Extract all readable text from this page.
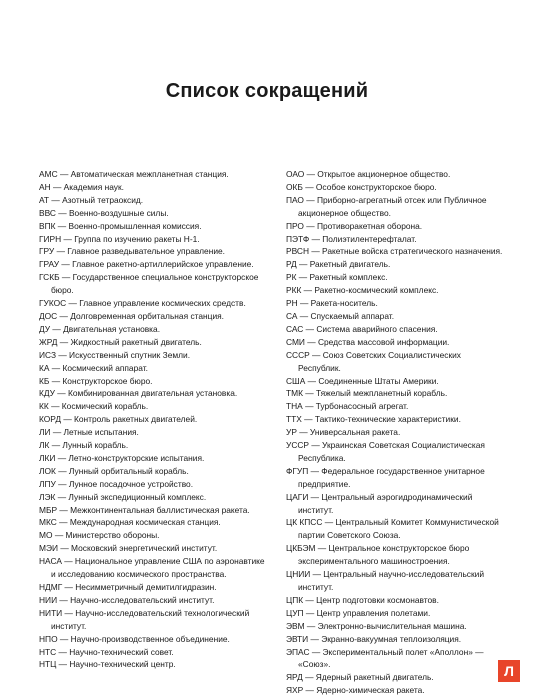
Список сокращений
АМС — Автоматическая межпланетная станция.
АН — Академия наук.
АТ — Азотный тетраоксид.
ВВС — Военно-воздушные силы.
ВПК — Военно-промышленная комиссия.
ГИРН — Группа по изучению ракеты Н-1.
ГРУ — Главное разведывательное управление.
ГРАУ — Главное ракетно-артиллерийское управление.
ГСКБ — Государственное специальное конструкторское бюро.
ГУКОС — Главное управление космических средств.
ДОС — Долговременная орбитальная станция.
ДУ — Двигательная установка.
ЖРД — Жидкостный ракетный двигатель.
ИСЗ — Искусственный спутник Земли.
КА — Космический аппарат.
КБ — Конструкторское бюро.
КДУ — Комбинированная двигательная установка.
КК — Космический корабль.
КОРД — Контроль ракетных двигателей.
ЛИ — Летные испытания.
ЛК — Лунный корабль.
ЛКИ — Летно-конструкторские испытания.
ЛОК — Лунный орбитальный корабль.
ЛПУ — Лунное посадочное устройство.
ЛЭК — Лунный экспедиционный комплекс.
МБР — Межконтинентальная баллистическая ракета.
МКС — Международная космическая станция.
МО — Министерство обороны.
МЭИ — Московский энергетический институт.
НАСА — Национальное управление США по аэронавтике и исследованию космического пространства.
НДМГ — Несимметричный демитилгидразин.
НИИ — Научно-исследовательский институт.
НИТИ — Научно-исследовательский технологический институт.
НПО — Научно-производственное объединение.
НТС — Научно-технический совет.
НТЦ — Научно-технический центр.
ОАО — Открытое акционерное общество.
ОКБ — Особое конструкторское бюро.
ПАО — Приборно-агрегатный отсек или Публичное акционерное общество.
ПРО — Противоракетная оборона.
ПЭТФ — Полиэтилентерефталат.
РВСН — Ракетные войска стратегического назначения.
РД — Ракетный двигатель.
РК — Ракетный комплекс.
РКК — Ракетно-космический комплекс.
РН — Ракета-носитель.
СА — Спускаемый аппарат.
САС — Система аварийного спасения.
СМИ — Средства массовой информации.
СССР — Союз Советских Социалистических Республик.
США — Соединенные Штаты Америки.
ТМК — Тяжелый межпланетный корабль.
ТНА — Турбонасосный агрегат.
ТТХ — Тактико-технические характеристики.
УР — Универсальная ракета.
УССР — Украинская Советская Социалистическая Республика.
ФГУП — Федеральное государственное унитарное предприятие.
ЦАГИ — Центральный аэрогидродинамический институт.
ЦК КПСС — Центральный Комитет Коммунистической партии Советского Союза.
ЦКБЭМ — Центральное конструкторское бюро экспериментального машиностроения.
ЦНИИ — Центральный научно-исследовательский институт.
ЦПК — Центр подготовки космонавтов.
ЦУП — Центр управления полетами.
ЭВМ — Электронно-вычислительная машина.
ЭВТИ — Экранно-вакуумная теплоизоляция.
ЭПАС — Экспериментальный полет «Аполлон» — «Союз».
ЯРД — Ядерный ракетный двигатель.
ЯХР — Ядерно-химическая ракета.
Л
